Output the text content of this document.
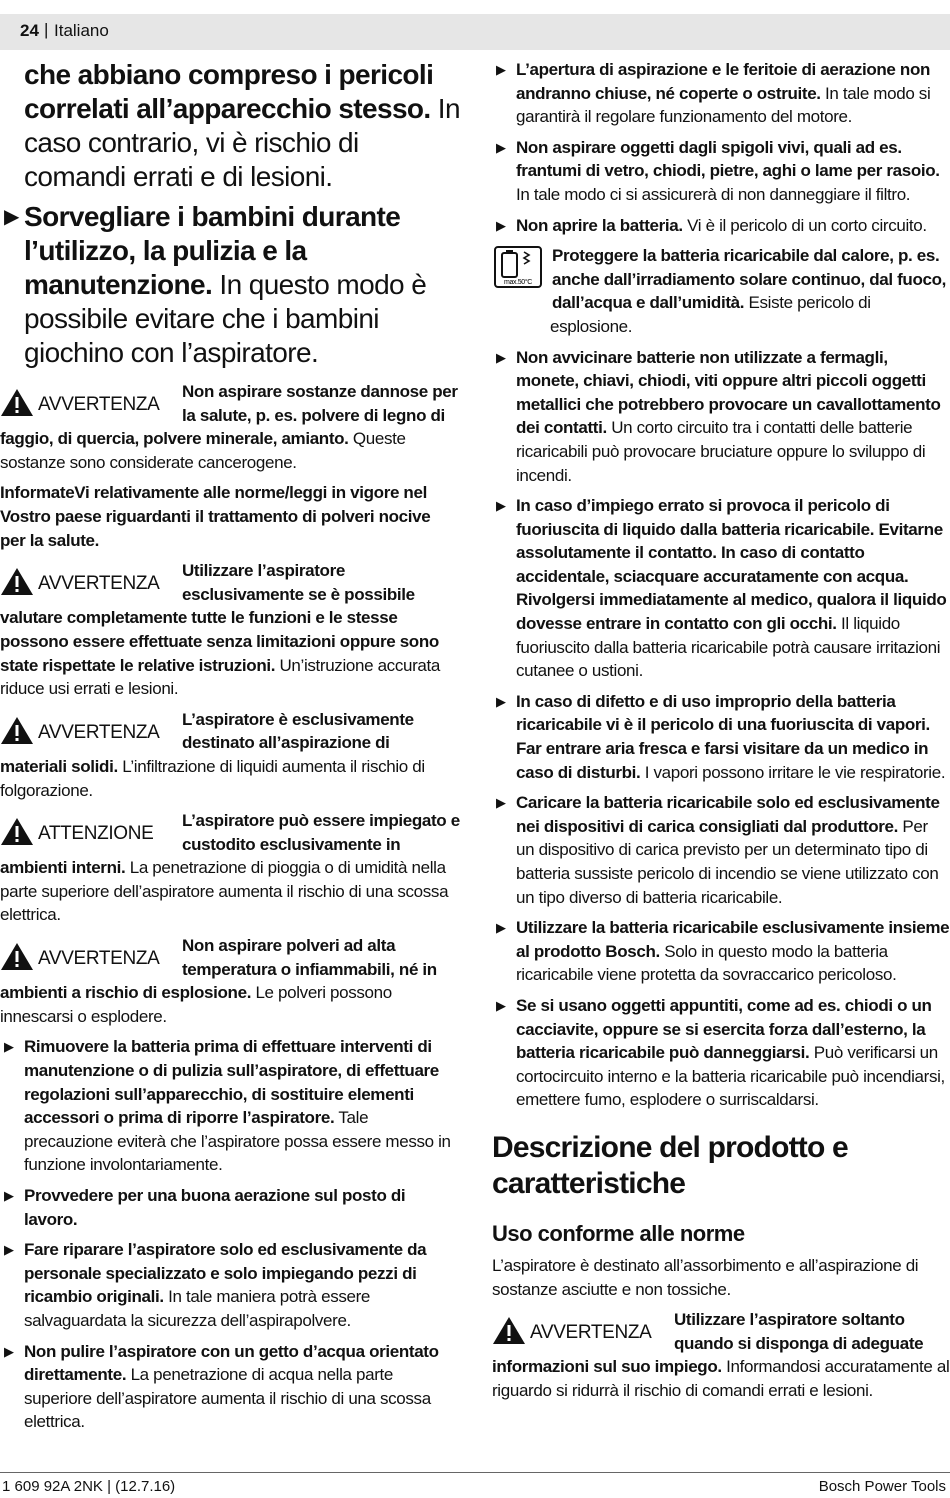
24 | Italiano
che abbiano compreso i pericoli correlati all’apparecchio stesso. In caso contrario, vi è rischio di comandi errati e di lesioni.
▶ Sorvegliare i bambini durante l’utilizzo, la pulizia e la manutenzione. In questo modo è possibile evitare che i bambini giochino con l’aspiratore.
AVVERTENZA
Non aspirare sostanze dannose per la salute, p. es. polvere di legno di faggio, di quercia, polvere minerale, amianto. Queste sostanze sono considerate cancerogene.
InformateVi relativamente alle norme/leggi in vigore nel Vostro paese riguardanti il trattamento di polveri nocive per la salute.
AVVERTENZA
Utilizzare l’aspiratore esclusivamente se è possibile valutare completamente tutte le funzioni e le stesse possono essere effettuate senza limitazioni oppure sono state rispettate le relative istruzioni. Un’istruzione accurata riduce usi errati e lesioni.
AVVERTENZA
L’aspiratore è esclusivamente destinato all’aspirazione di materiali solidi. L’infiltrazione di liquidi aumenta il rischio di folgorazione.
ATTENZIONE
L’aspiratore può essere impiegato e custodito esclusivamente in ambienti interni. La penetrazione di pioggia o di umidità nella parte superiore dell’aspiratore aumenta il rischio di una scossa elettrica.
AVVERTENZA
Non aspirare polveri ad alta temperatura o infiammabili, né in ambienti a rischio di esplosione. Le polveri possono innescarsi o esplodere.
▶ Rimuovere la batteria prima di effettuare interventi di manutenzione o di pulizia sull’aspiratore, di effettuare regolazioni sull’apparecchio, di sostituire elementi accessori o prima di riporre l’aspiratore. Tale precauzione eviterà che l’aspiratore possa essere messo in funzione involontariamente.
▶ Provvedere per una buona aerazione sul posto di lavoro.
▶ Fare riparare l’aspiratore solo ed esclusivamente da personale specializzato e solo impiegando pezzi di ricambio originali. In tale maniera potrà essere salvaguardata la sicurezza dell’aspirapolvere.
▶ Non pulire l’aspiratore con un getto d’acqua orientato direttamente. La penetrazione di acqua nella parte superiore dell’aspiratore aumenta il rischio di una scossa elettrica.
▶ L’apertura di aspirazione e le feritoie di aerazione non andranno chiuse, né coperte o ostruite. In tale modo si garantirà il regolare funzionamento del motore.
▶ Non aspirare oggetti dagli spigoli vivi, quali ad es. frantumi di vetro, chiodi, pietre, aghi o lame per rasoio. In tale modo ci si assicurerà di non danneggiare il filtro.
▶ Non aprire la batteria. Vi è il pericolo di un corto circuito.
max.50°C
Proteggere la batteria ricaricabile dal calore, p. es. anche dall’irradiamento solare continuo, dal fuoco, dall’acqua e dall’umidità. Esiste pericolo di esplosione.
▶ Non avvicinare batterie non utilizzate a fermagli, monete, chiavi, chiodi, viti oppure altri piccoli oggetti metallici che potrebbero provocare un cavallottamento dei contatti. Un corto circuito tra i contatti delle batterie ricaricabili può provocare bruciature oppure lo sviluppo di incendi.
▶ In caso d’impiego errato si provoca il pericolo di fuoriuscita di liquido dalla batteria ricaricabile. Evitarne assolutamente il contatto. In caso di contatto accidentale, sciacquare accuratamente con acqua. Rivolgersi immediatamente al medico, qualora il liquido dovesse entrare in contatto con gli occhi. Il liquido fuoriuscito dalla batteria ricaricabile potrà causare irritazioni cutanee o ustioni.
▶ In caso di difetto e di uso improprio della batteria ricaricabile vi è il pericolo di una fuoriuscita di vapori. Far entrare aria fresca e farsi visitare da un medico in caso di disturbi. I vapori possono irritare le vie respiratorie.
▶ Caricare la batteria ricaricabile solo ed esclusivamente nei dispositivi di carica consigliati dal produttore. Per un dispositivo di carica previsto per un determinato tipo di batteria sussiste pericolo di incendio se viene utilizzato con un tipo diverso di batteria ricaricabile.
▶ Utilizzare la batteria ricaricabile esclusivamente insieme al prodotto Bosch. Solo in questo modo la batteria ricaricabile viene protetta da sovraccarico pericoloso.
▶ Se si usano oggetti appuntiti, come ad es. chiodi o un cacciavite, oppure se si esercita forza dall’esterno, la batteria ricaricabile può danneggiarsi. Può verificarsi un cortocircuito interno e la batteria ricaricabile può incendiarsi, emettere fumo, esplodere o surriscaldarsi.
Descrizione del prodotto e caratteristiche
Uso conforme alle norme
L’aspiratore è destinato all’assorbimento e all’aspirazione di sostanze asciutte e non tossiche.
AVVERTENZA
Utilizzare l’aspiratore soltanto quando si disponga di adeguate informazioni sul suo impiego. Informandosi accuratamente al riguardo si ridurrà il rischio di comandi errati e lesioni.
1 609 92A 2NK | (12.7.16)	Bosch Power Tools
